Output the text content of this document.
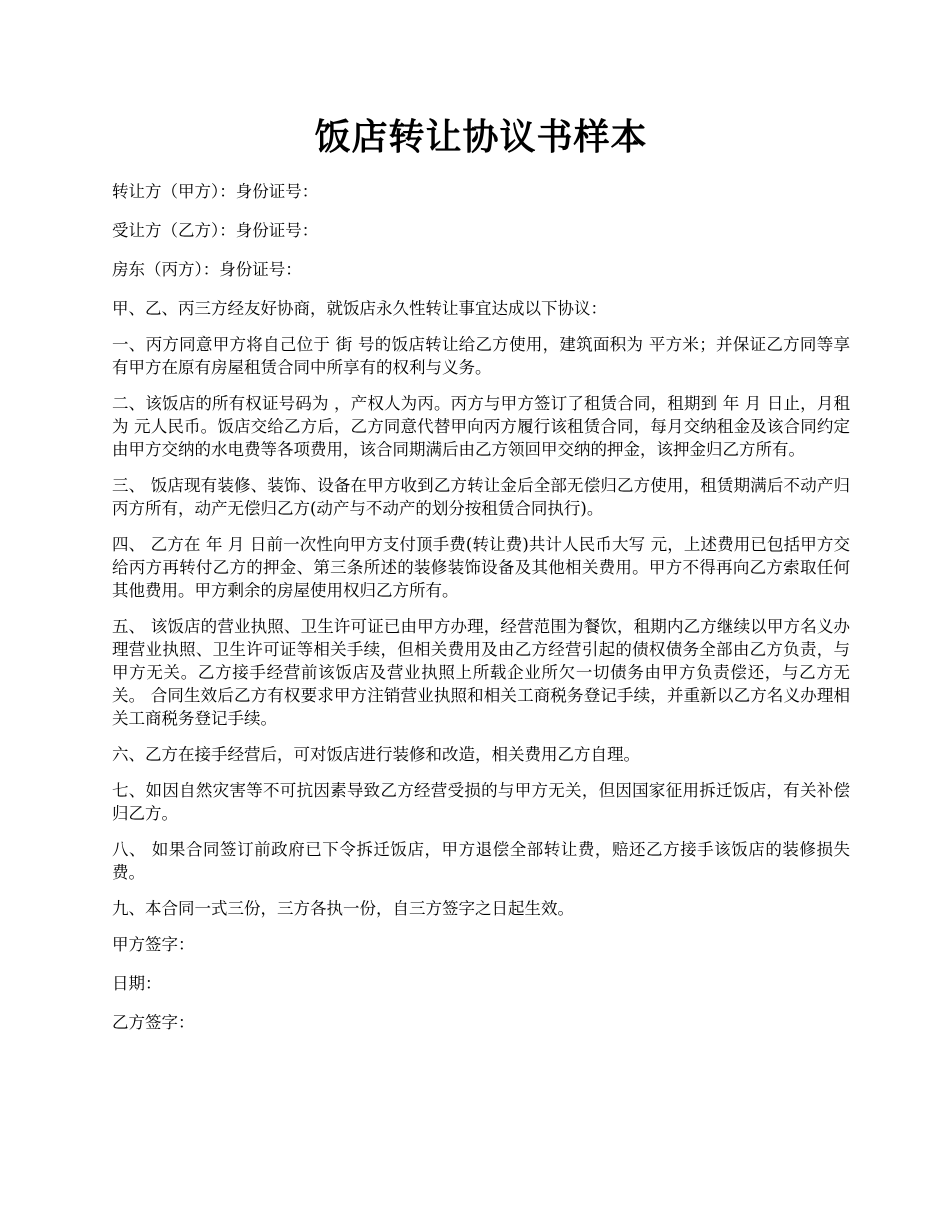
饭店转让协议书样本

转让方（甲方）：身份证号：

受让方（乙方）：身份证号：

房东（丙方）：身份证号：

甲、乙、丙三方经友好协商，就饭店永久性转让事宜达成以下协议：

一、丙方同意甲方将自己位于 街 号的饭店转让给乙方使用，建筑面积为 平方米；并保证乙方同等享有甲方在原有房屋租赁合同中所享有的权利与义务。

二、该饭店的所有权证号码为 ，产权人为丙。丙方与甲方签订了租赁合同，租期到 年 月 日止，月租为 元人民币。饭店交给乙方后，乙方同意代替甲向丙方履行该租赁合同，每月交纳租金及该合同约定由甲方交纳的水电费等各项费用，该合同期满后由乙方领回甲交纳的押金，该押金归乙方所有。

三、 饭店现有装修、装饰、设备在甲方收到乙方转让金后全部无偿归乙方使用，租赁期满后不动产归丙方所有，动产无偿归乙方(动产与不动产的划分按租赁合同执行)。

四、 乙方在 年 月 日前一次性向甲方支付顶手费(转让费)共计人民币大写 元，上述费用已包括甲方交给丙方再转付乙方的押金、第三条所述的装修装饰设备及其他相关费用。甲方不得再向乙方索取任何其他费用。甲方剩余的房屋使用权归乙方所有。

五、 该饭店的营业执照、卫生许可证已由甲方办理，经营范围为餐饮，租期内乙方继续以甲方名义办理营业执照、卫生许可证等相关手续，但相关费用及由乙方经营引起的债权债务全部由乙方负责，与甲方无关。乙方接手经营前该饭店及营业执照上所载企业所欠一切债务由甲方负责偿还，与乙方无关。 合同生效后乙方有权要求甲方注销营业执照和相关工商税务登记手续，并重新以乙方名义办理相关工商税务登记手续。

六、乙方在接手经营后，可对饭店进行装修和改造，相关费用乙方自理。

七、如因自然灾害等不可抗因素导致乙方经营受损的与甲方无关，但因国家征用拆迁饭店，有关补偿归乙方。

八、 如果合同签订前政府已下令拆迁饭店，甲方退偿全部转让费，赔还乙方接手该饭店的装修损失费。

九、本合同一式三份，三方各执一份，自三方签字之日起生效。

甲方签字：

日期：

乙方签字：
